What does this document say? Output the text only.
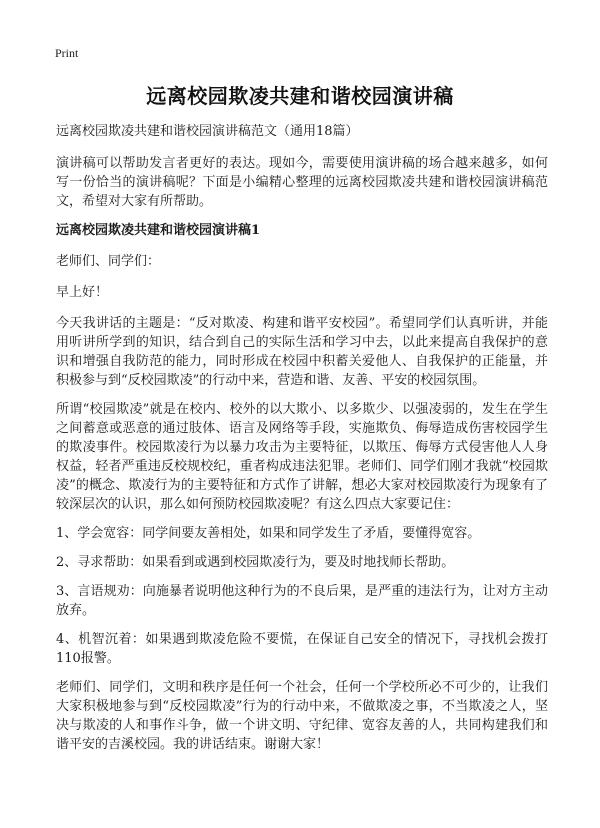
Print
远离校园欺凌共建和谐校园演讲稿

远离校园欺凌共建和谐校园演讲稿范文（通用18篇）

演讲稿可以帮助发言者更好的表达。现如今，需要使用演讲稿的场合越来越多，如何写一份恰当的演讲稿呢？下面是小编精心整理的远离校园欺凌共建和谐校园演讲稿范文，希望对大家有所帮助。

远离校园欺凌共建和谐校园演讲稿1

老师们、同学们：

早上好！

今天我讲话的主题是：“反对欺凌、构建和谐平安校园”。希望同学们认真听讲，并能用听讲所学到的知识，结合到自己的实际生活和学习中去，以此来提高自我保护的意识和增强自我防范的能力，同时形成在校园中积蓄关爱他人、自我保护的正能量，并积极参与到“反校园欺凌”的行动中来，营造和谐、友善、平安的校园氛围。

所谓“校园欺凌”就是在校内、校外的以大欺小、以多欺少、以强凌弱的，发生在学生之间蓄意或恶意的通过肢体、语言及网络等手段，实施欺负、侮辱造成伤害校园学生的欺凌事件。校园欺凌行为以暴力攻击为主要特征，以欺压、侮辱方式侵害他人人身权益，轻者严重违反校规校纪，重者构成违法犯罪。老师们、同学们刚才我就“校园欺凌”的概念、欺凌行为的主要特征和方式作了讲解，想必大家对校园欺凌行为现象有了较深层次的认识，那么如何预防校园欺凌呢？有这么四点大家要记住：

1、学会宽容：同学间要友善相处，如果和同学发生了矛盾，要懂得宽容。

2、寻求帮助：如果看到或遇到校园欺凌行为，要及时地找师长帮助。

3、言语规劝：向施暴者说明他这种行为的不良后果，是严重的违法行为，让对方主动放弃。

4、机智沉着：如果遇到欺凌危险不要慌，在保证自己安全的情况下，寻找机会拨打110报警。

老师们、同学们，文明和秩序是任何一个社会，任何一个学校所必不可少的，让我们大家积极地参与到“反校园欺凌”行为的行动中来，不做欺凌之事，不当欺凌之人，坚决与欺凌的人和事作斗争，做一个讲文明、守纪律、宽容友善的人，共同构建我们和谐平安的吉溪校园。我的讲话结束。谢谢大家！
